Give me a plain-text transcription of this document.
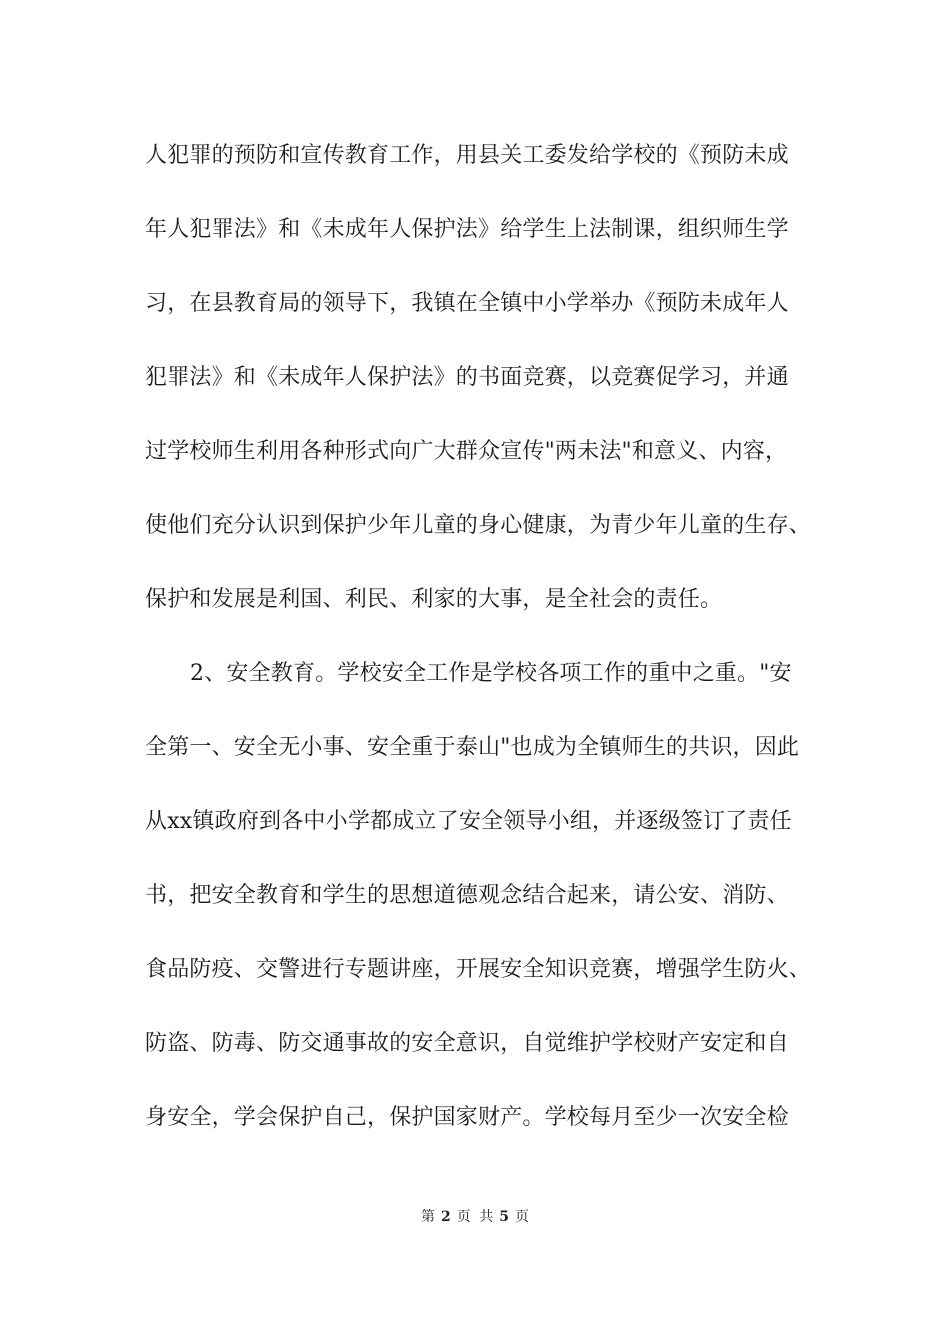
人犯罪的预防和宣传教育工作，用县关工委发给学校的《预防未成
年人犯罪法》和《未成年人保护法》给学生上法制课，组织师生学
习，在县教育局的领导下，我镇在全镇中小学举办《预防未成年人
犯罪法》和《未成年人保护法》的书面竞赛，以竞赛促学习，并通
过学校师生利用各种形式向广大群众宣传"两未法"和意义、内容，
使他们充分认识到保护少年儿童的身心健康，为青少年儿童的生存、
保护和发展是利国、利民、利家的大事，是全社会的责任。
2、安全教育。学校安全工作是学校各项工作的重中之重。"安
全第一、安全无小事、安全重于泰山"也成为全镇师生的共识，因此
从xx镇政府到各中小学都成立了安全领导小组，并逐级签订了责任
书，把安全教育和学生的思想道德观念结合起来，请公安、消防、
食品防疫、交警进行专题讲座，开展安全知识竞赛，增强学生防火、
防盗、防毒、防交通事故的安全意识，自觉维护学校财产安定和自
身安全，学会保护自己，保护国家财产。学校每月至少一次安全检
第 2 页 共 5 页
